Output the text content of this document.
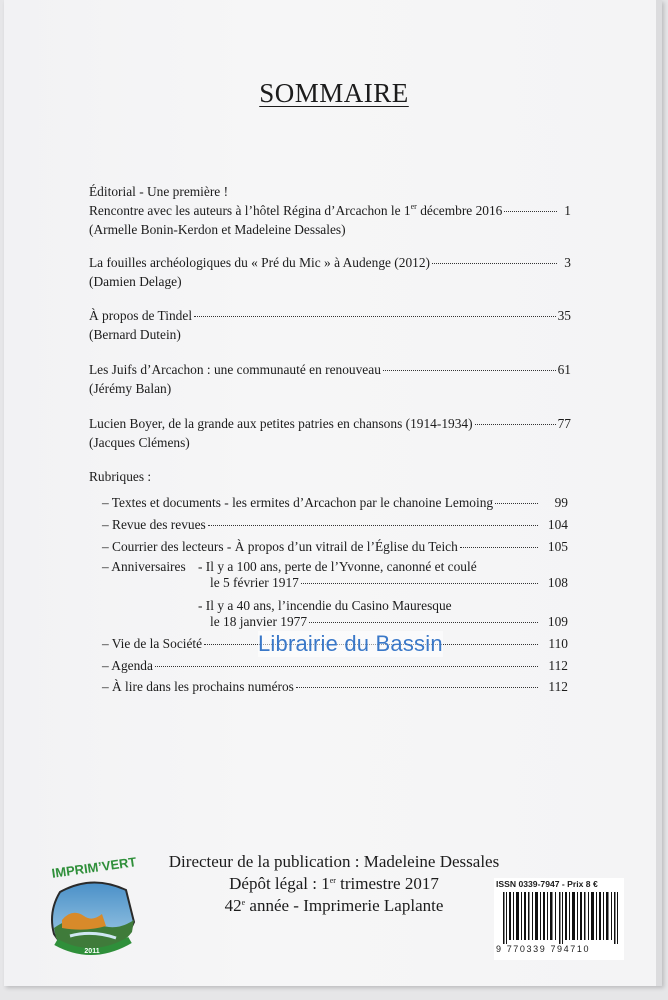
SOMMAIRE
Éditorial - Une première !
Rencontre avec les auteurs à l’hôtel Régina d’Arcachon le 1er décembre 2016	1
(Armelle Bonin-Kerdon et Madeleine Dessales)
La fouilles archéologiques du « Pré du Mic » à Audenge (2012)	3
(Damien Delage)
À propos de Tindel	35
(Bernard Dutein)
Les Juifs d’Arcachon : une communauté en renouveau	61
(Jérémy Balan)
Lucien Boyer, de la grande aux petites patries en chansons (1914-1934)	77
(Jacques Clémens)
Rubriques :
– Textes et documents - les ermites d’Arcachon par le chanoine Lemoing	99
– Revue des revues	104
– Courrier des lecteurs - À propos d’un vitrail de l’Église du Teich	105
– Anniversaires - Il y a 100 ans, perte de l’Yvonne, canonné et coulé
le 5 février 1917	108
- Il y a 40 ans, l’incendie du Casino Mauresque
le 18 janvier 1977	109
– Vie de la Société	110
– Agenda	112
– À lire dans les prochains numéros	112
Librairie du Bassin
Directeur de la publication : Madeleine Dessales
Dépôt légal : 1er trimestre 2017
42e année - Imprimerie Laplante
2011
IMPRIM’VERT
ISSN 0339-7947 - Prix 8 €
9 770339 794710
